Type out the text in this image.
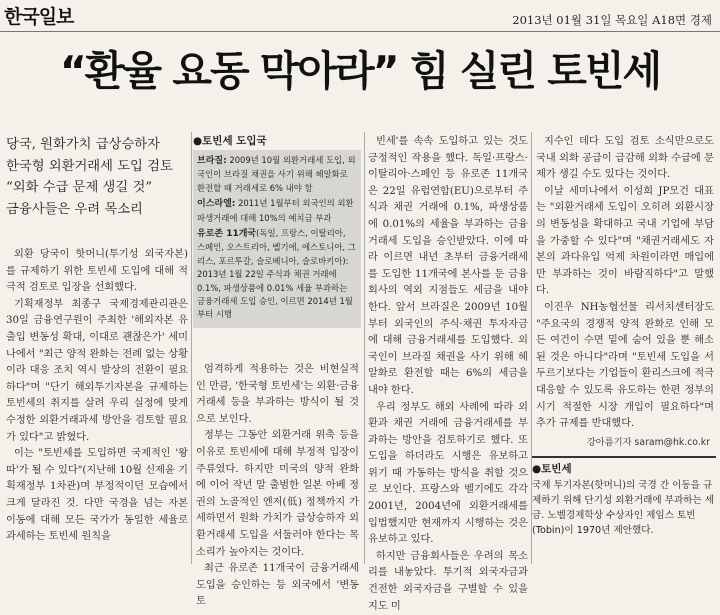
한국일보	2013년 01월 31일 목요일 A18면 경제
“환율 요동 막아라” 힘 실린 토빈세
당국, 원화가치 급상승하자
한국형 외환거래세 도입 검토
“외화 수급 문제 생길 것”
금융사들은 우려 목소리
●토빈세 도입국
브라질: 2009년 10월 외환거래세 도입, 외국인이 브라질 채권을 사기 위해 헤알화로 환전할 때 거래세로 6% 내야 함
이스라엘: 2011년 1월부터 외국인의 외환 파생거래에 대해 10%의 예치금 부과
유로존 11개국(독일, 프랑스, 이탈리아, 스페인, 오스트리아, 벨기에, 에스토니아, 그리스, 포르투갈, 슬로베니아, 슬로바키아): 2013년 1월 22일 주식과 채권 거래에 0.1%, 파생상품에 0.01% 세율 부과하는 금융거래세 도입 승인, 이르면 2014년 1월부터 시행

외환 당국이 핫머니(투기성 외국자본)를 규제하기 위한 토빈세 도입에 대해 적극적 검토로 입장을 선회했다.

기획재정부 최종구 국제경제관리관은 30일 금융연구원이 주최한 '해외자본 유출입 변동성 확대, 이대로 괜찮은가' 세미나에서 "최근 양적 완화는 전례 없는 상황이라 대응 조치 역시 발상의 전환이 필요하다"며 "단기 해외투기자본을 규제하는 토빈세의 취지를 살려 우리 실정에 맞게 수정한 외환거래과세 방안을 검토할 필요가 있다"고 밝혔다.

이는 "토빈세를 도입하면 국제적인 '왕따'가 될 수 있다"(지난해 10월 신제윤 기획재정부 1차관)며 부정적이던 모습에서 크게 달라진 것. 다만 국경을 넘는 자본 이동에 대해 모든 국가가 동일한 세율로 과세하는 토빈세 원칙을

엄격하게 적용하는 것은 비현실적인 만큼, '한국형 토빈세'는 외환·금융거래세 등을 부과하는 방식이 될 것으로 보인다.

정부는 그동안 외환거래 위축 등을 이유로 토빈세에 대해 부정적 입장이 주류였다. 하지만 미국의 양적 완화에 이어 작년 말 출범한 일본 아베 정권의 노골적인 엔저(低) 정책까지 가세하면서 원화 가치가 급상승하자 외환거래세 도입을 서둘러야 한다는 목소리가 높아지는 것이다.

최근 유로존 11개국이 금융거래세 도입을 승인하는 등 외국에서 '변동 토

빈세'를 속속 도입하고 있는 것도 긍정적인 작용을 했다. 독일·프랑스·이탈리아·스페인 등 유로존 11개국은 22일 유럽연합(EU)으로부터 주식과 채권 거래에 0.1%, 파생상품에 0.01%의 세율을 부과하는 금융거래세 도입을 승인받았다. 이에 따라 이르면 내년 초부터 금융거래세를 도입한 11개국에 본사를 둔 금융회사의 역외 지점들도 세금을 내야 한다. 앞서 브라질은 2009년 10월부터 외국인의 주식·채권 투자자금에 대해 금융거래세를 도입했다. 외국인이 브라질 채권을 사기 위해 헤알화로 환전할 때는 6%의 세금을 내야 한다.

우리 정부도 해외 사례에 따라 외환과 채권 거래에 금융거래세를 부과하는 방안을 검토하기로 했다. 또 도입을 하더라도 시행은 유보하고 위기 때 가동하는 방식을 취할 것으로 보인다. 프랑스와 벨기에도 각각 2001년, 2004년에 외환거래세를 입법했지만 현재까지 시행하는 것은 유보하고 있다.

하지만 금융회사들은 우려의 목소리를 내놓았다. 투기적 외국자금과 건전한 외국자금을 구별할 수 있을지도 미

지수인 데다 도입 검토 소식만으로도 국내 외화 공급이 급감해 외화 수급에 문제가 생길 수도 있다는 것이다.

이날 세미나에서 이성희 JP모건 대표는 "외환거래세 도입이 오히려 외환시장의 변동성을 확대하고 국내 기업에 부담을 가중할 수 있다"며 "채권거래세도 자본의 과다유입 억제 차원이라면 매입에만 부과하는 것이 바람직하다"고 말했다.

이진우 NH농협선물 리서치센터장도 "주요국의 경쟁적 양적 완화로 인해 모든 여건이 수면 밑에 숨어 있을 뿐 해소된 것은 아니다"라며 "토빈세 도입을 서두르기보다는 기업들이 환리스크에 적극 대응할 수 있도록 유도하는 한편 정부의 시기 적절한 시장 개입이 필요하다"며 추가 규제를 반대했다.

강아름기자 saram@hk.co.kr
●토빈세
국제 투기자본(핫머니)의 국경 간 이동을 규제하기 위해 단기성 외환거래에 부과하는 세금. 노벨경제학상 수상자인 제임스 토빈(Tobin)이 1970년 제안했다.
